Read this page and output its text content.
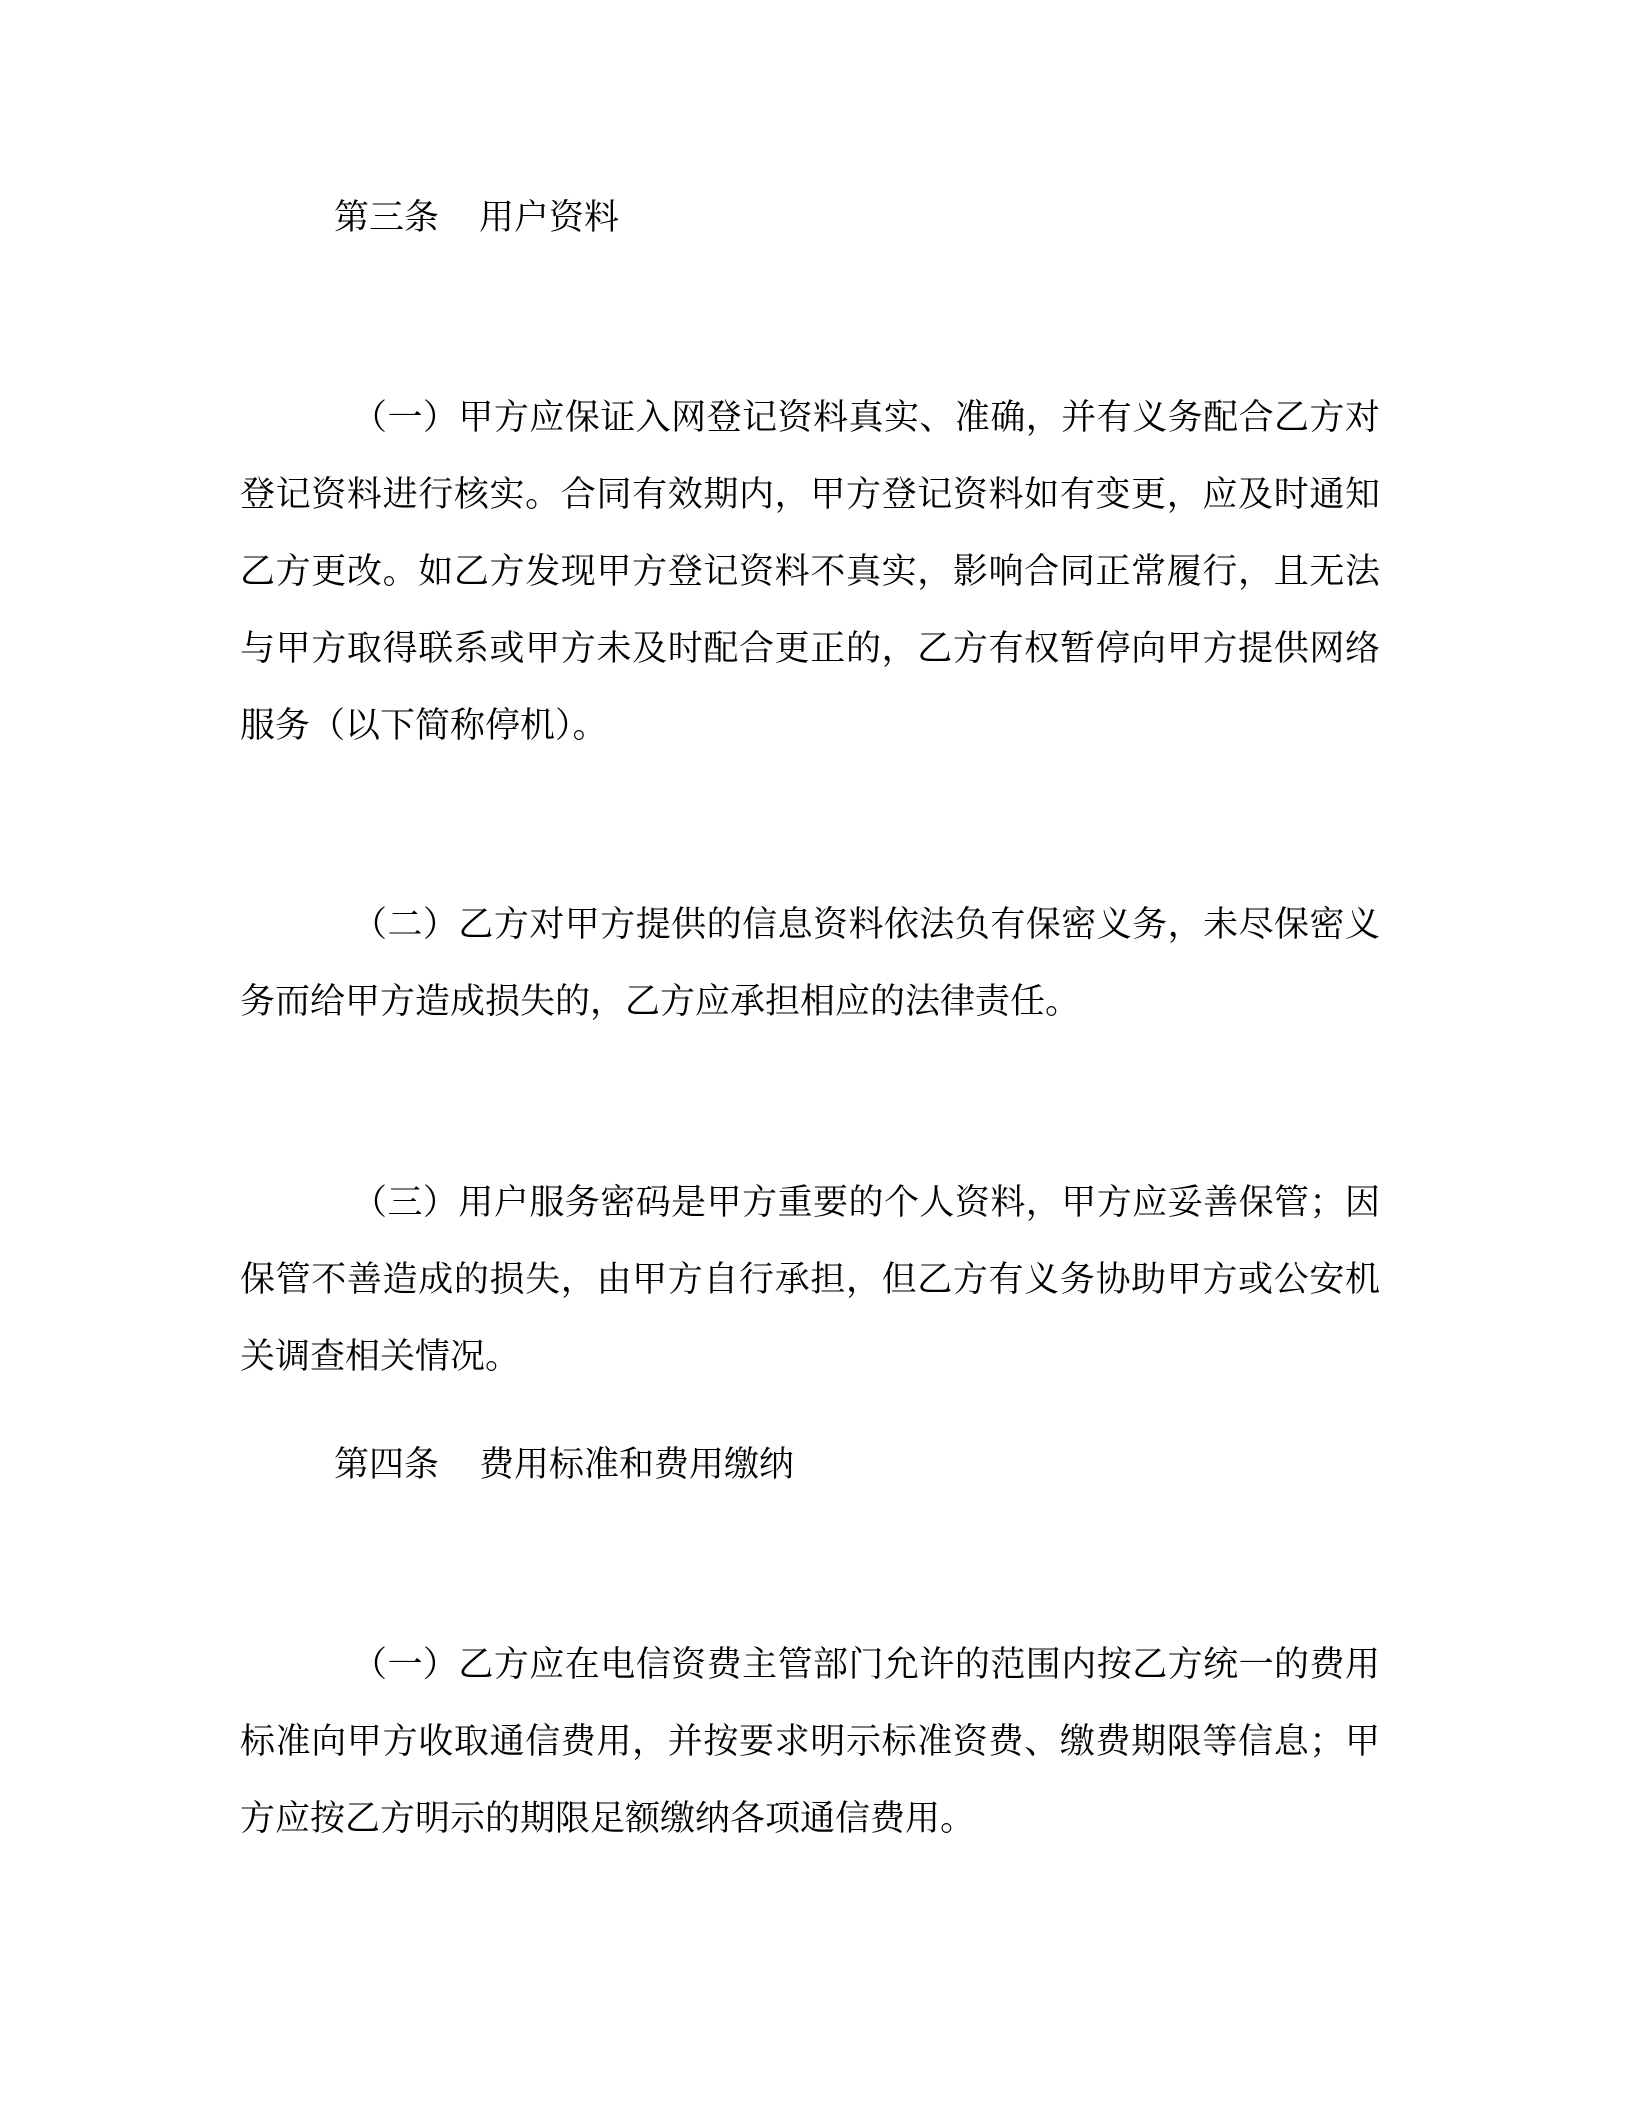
第三条 用户资料

（一）甲方应保证入网登记资料真实、准确，并有义务配合乙方对登记资料进行核实。合同有效期内，甲方登记资料如有变更，应及时通知乙方更改。如乙方发现甲方登记资料不真实，影响合同正常履行，且无法与甲方取得联系或甲方未及时配合更正的，乙方有权暂停向甲方提供网络服务（以下简称停机）。

（二）乙方对甲方提供的信息资料依法负有保密义务，未尽保密义务而给甲方造成损失的，乙方应承担相应的法律责任。

（三）用户服务密码是甲方重要的个人资料，甲方应妥善保管；因保管不善造成的损失，由甲方自行承担，但乙方有义务协助甲方或公安机关调查相关情况。

第四条 费用标准和费用缴纳

（一）乙方应在电信资费主管部门允许的范围内按乙方统一的费用标准向甲方收取通信费用，并按要求明示标准资费、缴费期限等信息；甲方应按乙方明示的期限足额缴纳各项通信费用。
